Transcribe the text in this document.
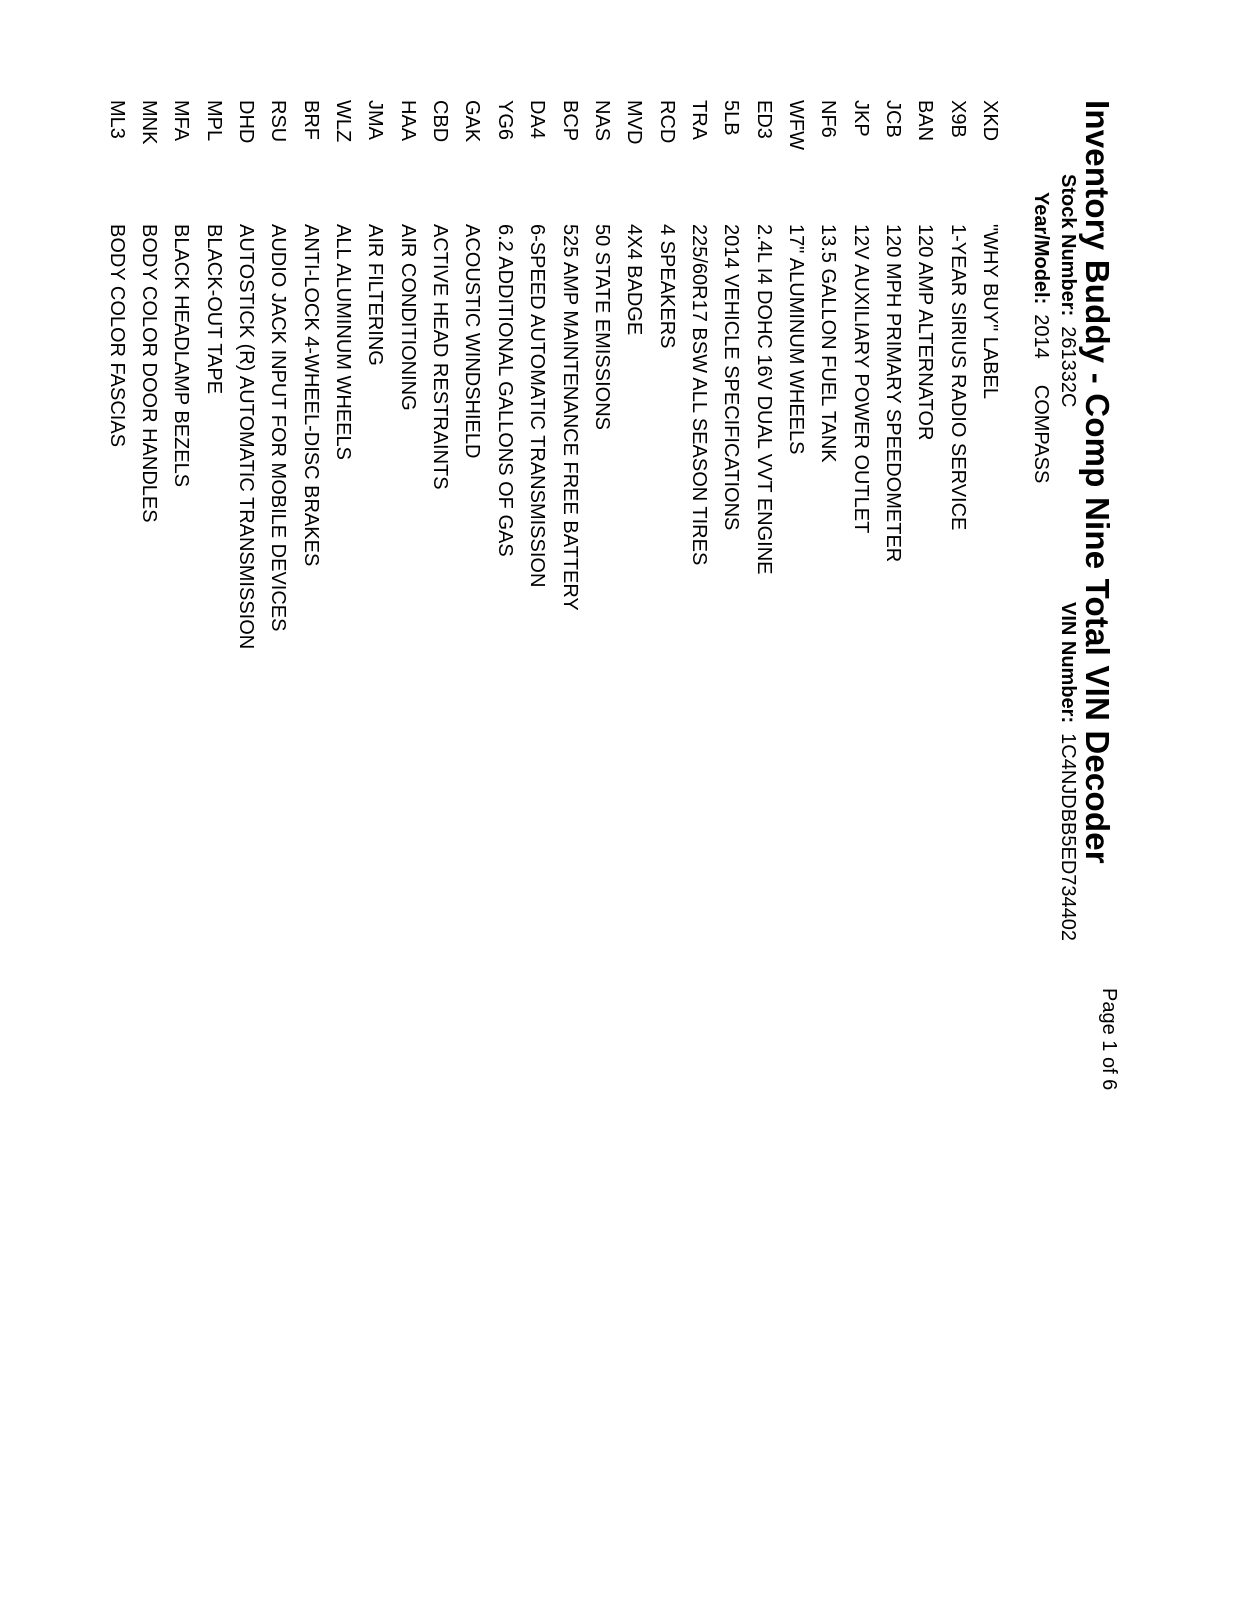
Inventory Buddy - Comp Nine Total VIN Decoder
Page 1 of 6
Stock Number:261332C
Year/Model:2014COMPASS
VIN Number:1C4NJDBB5ED734402
XKD"WHY BUY" LABEL
X9B1-YEAR SIRIUS RADIO SERVICE
BAN120 AMP ALTERNATOR
JCB120 MPH PRIMARY SPEEDOMETER
JKP12V AUXILIARY POWER OUTLET
NF613.5 GALLON FUEL TANK
WFW17" ALUMINUM WHEELS
ED32.4L I4 DOHC 16V DUAL VVT ENGINE
5LB2014 VEHICLE SPECIFICATIONS
TRA225/60R17 BSW ALL SEASON TIRES
RCD4 SPEAKERS
MVD4X4 BADGE
NAS50 STATE EMISSIONS
BCP525 AMP MAINTENANCE FREE BATTERY
DA46-SPEED AUTOMATIC TRANSMISSION
YG66.2 ADDITIONAL GALLONS OF GAS
GAKACOUSTIC WINDSHIELD
CBDACTIVE HEAD RESTRAINTS
HAAAIR CONDITIONING
JMAAIR FILTERING
WLZALL ALUMINUM WHEELS
BRFANTI-LOCK 4-WHEEL-DISC BRAKES
RSUAUDIO JACK INPUT FOR MOBILE DEVICES
DHDAUTOSTICK (R) AUTOMATIC TRANSMISSION
MPLBLACK-OUT TAPE
MFABLACK HEADLAMP BEZELS
MNKBODY COLOR DOOR HANDLES
ML3BODY COLOR FASCIAS
